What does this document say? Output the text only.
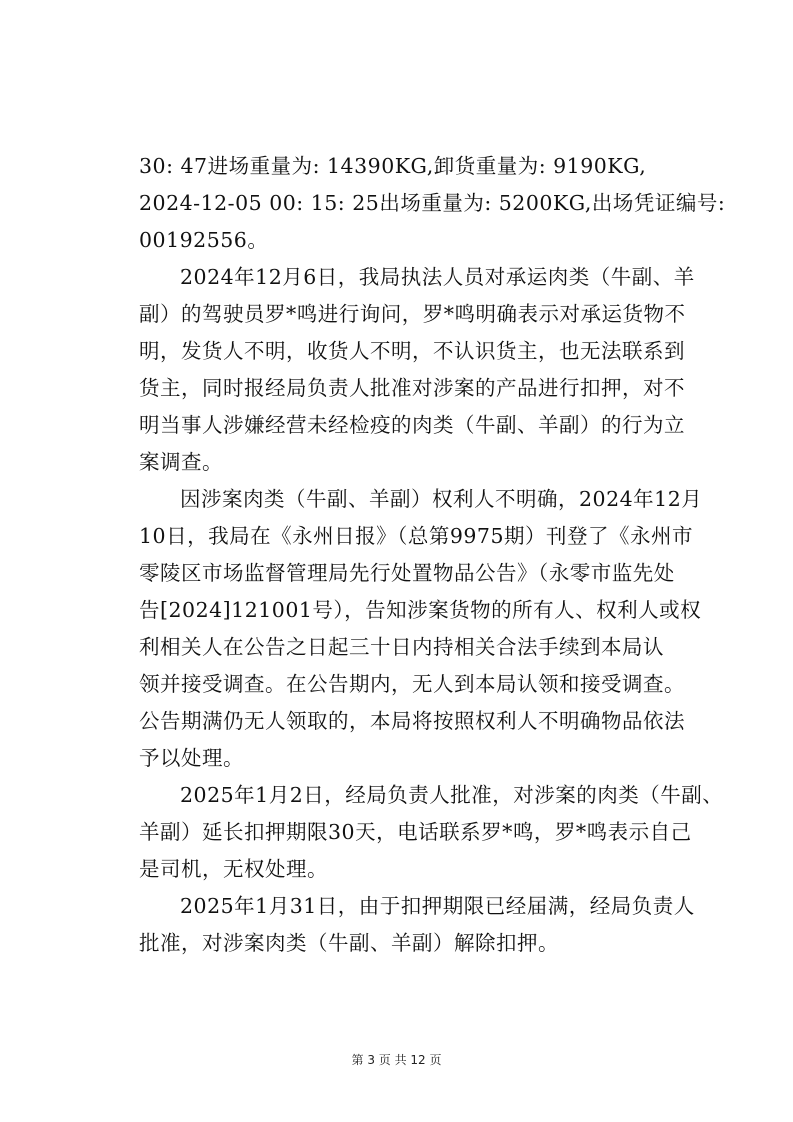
30: 47进场重量为: 14390KG,卸货重量为: 9190KG,
2024-12-05 00: 15: 25出场重量为: 5200KG,出场凭证编号:
00192556。
2024年12月6日，我局执法人员对承运肉类（牛副、羊
副）的驾驶员罗*鸣进行询问，罗*鸣明确表示对承运货物不
明，发货人不明，收货人不明，不认识货主，也无法联系到
货主，同时报经局负责人批准对涉案的产品进行扣押，对不
明当事人涉嫌经营未经检疫的肉类（牛副、羊副）的行为立
案调查。
因涉案肉类（牛副、羊副）权利人不明确，2024年12月
10日，我局在《永州日报》（总第9975期）刊登了《永州市
零陵区市场监督管理局先行处置物品公告》（永零市监先处
告[2024]121001号），告知涉案货物的所有人、权利人或权
利相关人在公告之日起三十日内持相关合法手续到本局认
领并接受调查。在公告期内，无人到本局认领和接受调查。
公告期满仍无人领取的，本局将按照权利人不明确物品依法
予以处理。
2025年1月2日，经局负责人批准，对涉案的肉类（牛副、
羊副）延长扣押期限30天，电话联系罗*鸣，罗*鸣表示自己
是司机，无权处理。
2025年1月31日，由于扣押期限已经届满，经局负责人
批准，对涉案肉类（牛副、羊副）解除扣押。
第 3 页 共 12 页
